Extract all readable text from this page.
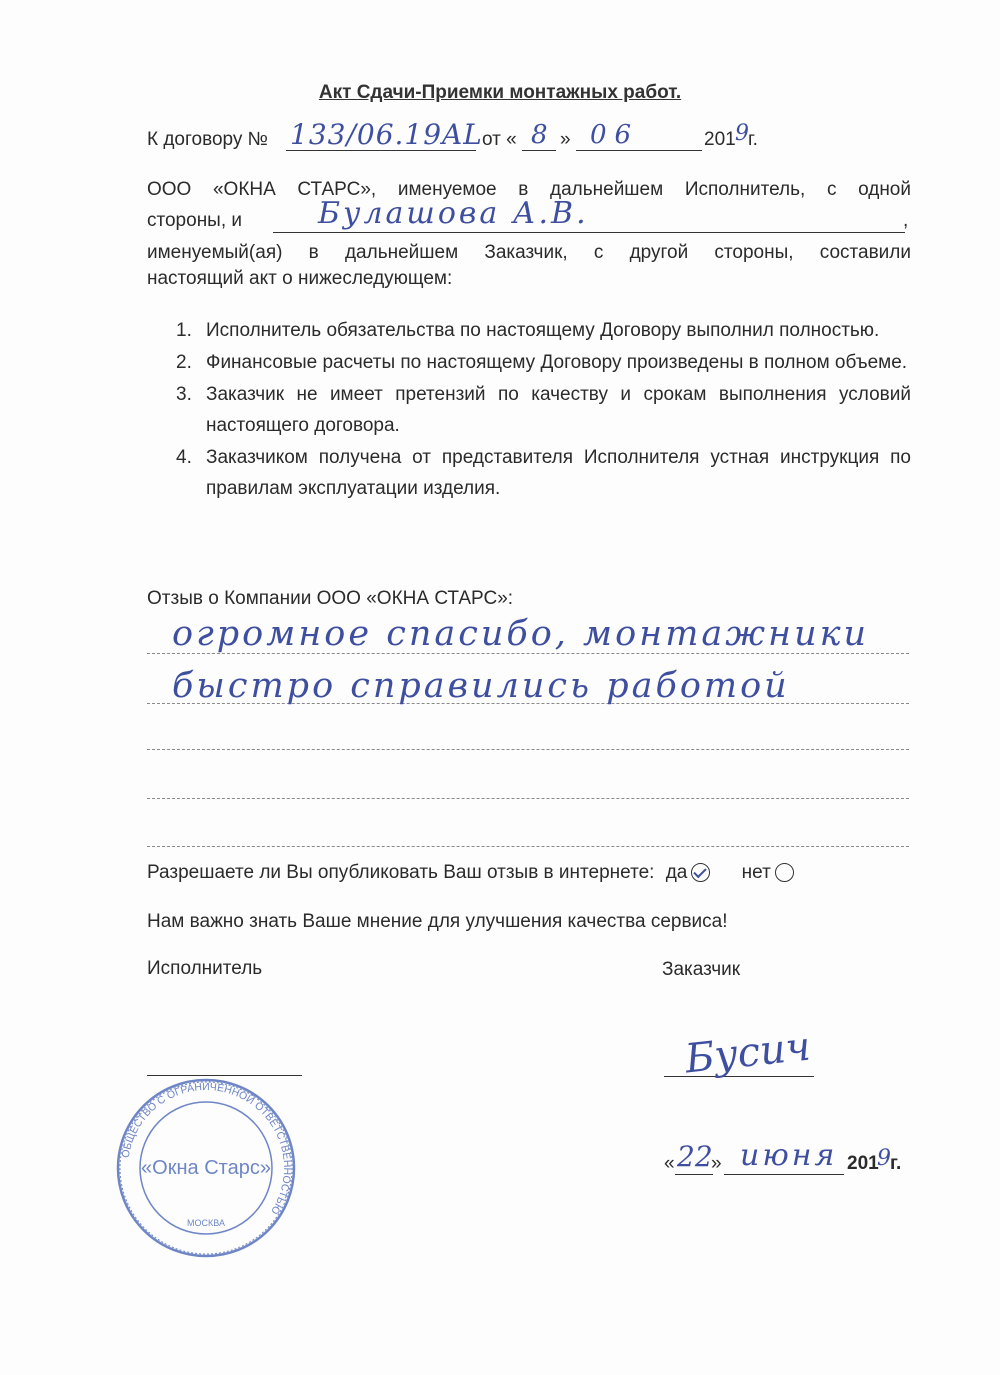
Акт Сдачи-Приемки монтажных работ.
К договору № 133/06.19AL от « 8 » 06	201 9 г.
ООО «ОКНА СТАРС», именуемое в дальнейшем Исполнитель, с одной
стороны, и	Булашова А.В.	,
именуемый(ая) в дальнейшем Заказчик, с другой стороны, составили
настоящий акт о нижеследующем:
1. Исполнитель обязательства по настоящему Договору выполнил полностью.
2. Финансовые расчеты по настоящему Договору произведены в полном объеме.
3. Заказчик не имеет претензий по качеству и срокам выполнения условий настоящего договора.
4. Заказчиком получена от представителя Исполнителя устная инструкция по правилам эксплуатации изделия.
Отзыв о Компании ООО «ОКНА СТАРС»:
огромное спасибо, монтажники
быстро справились работой
Разрешаете ли Вы опубликовать Ваш отзыв в интернете: да	нет
Нам важно знать Ваше мнение для улучшения качества сервиса!
Исполнитель	Заказчик
Бусич
« 22
» июня 201
9 г.
ОБЩЕСТВО С ОГРАНИЧЕННОЙ ОТВЕТСТВЕННОСТЬЮ
«Окна Старс»
МОСКВА
